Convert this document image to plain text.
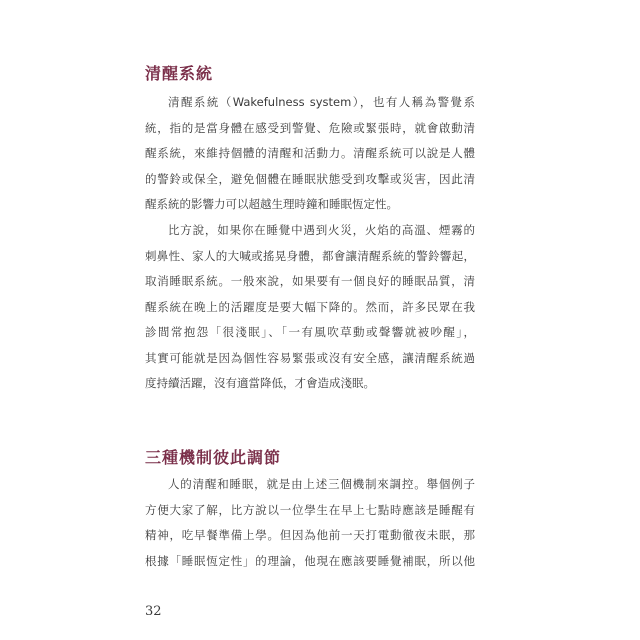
清醒系統
清醒系統（Wakefulness system），也有人稱為警覺系
統，指的是當身體在感受到警覺、危險或緊張時，就會啟動清
醒系統，來維持個體的清醒和活動力。清醒系統可以說是人體
的警鈴或保全，避免個體在睡眠狀態受到攻擊或災害，因此清
醒系統的影響力可以超越生理時鐘和睡眠恆定性。
比方說，如果你在睡覺中遇到火災，火焰的高溫、煙霧的
刺鼻性、家人的大喊或搖晃身體，都會讓清醒系統的警鈴響起，
取消睡眠系統。一般來說，如果要有一個良好的睡眠品質，清
醒系統在晚上的活躍度是要大幅下降的。然而，許多民眾在我
診間常抱怨「很淺眠」、「一有風吹草動或聲響就被吵醒」，
其實可能就是因為個性容易緊張或沒有安全感，讓清醒系統過
度持續活躍，沒有適當降低，才會造成淺眠。
三種機制彼此調節
人的清醒和睡眠，就是由上述三個機制來調控。舉個例子
方便大家了解，比方說以一位學生在早上七點時應該是睡醒有
精神，吃早餐準備上學。但因為他前一天打電動徹夜未眠，那
根據「睡眠恆定性」的理論，他現在應該要睡覺補眠，所以他

32
